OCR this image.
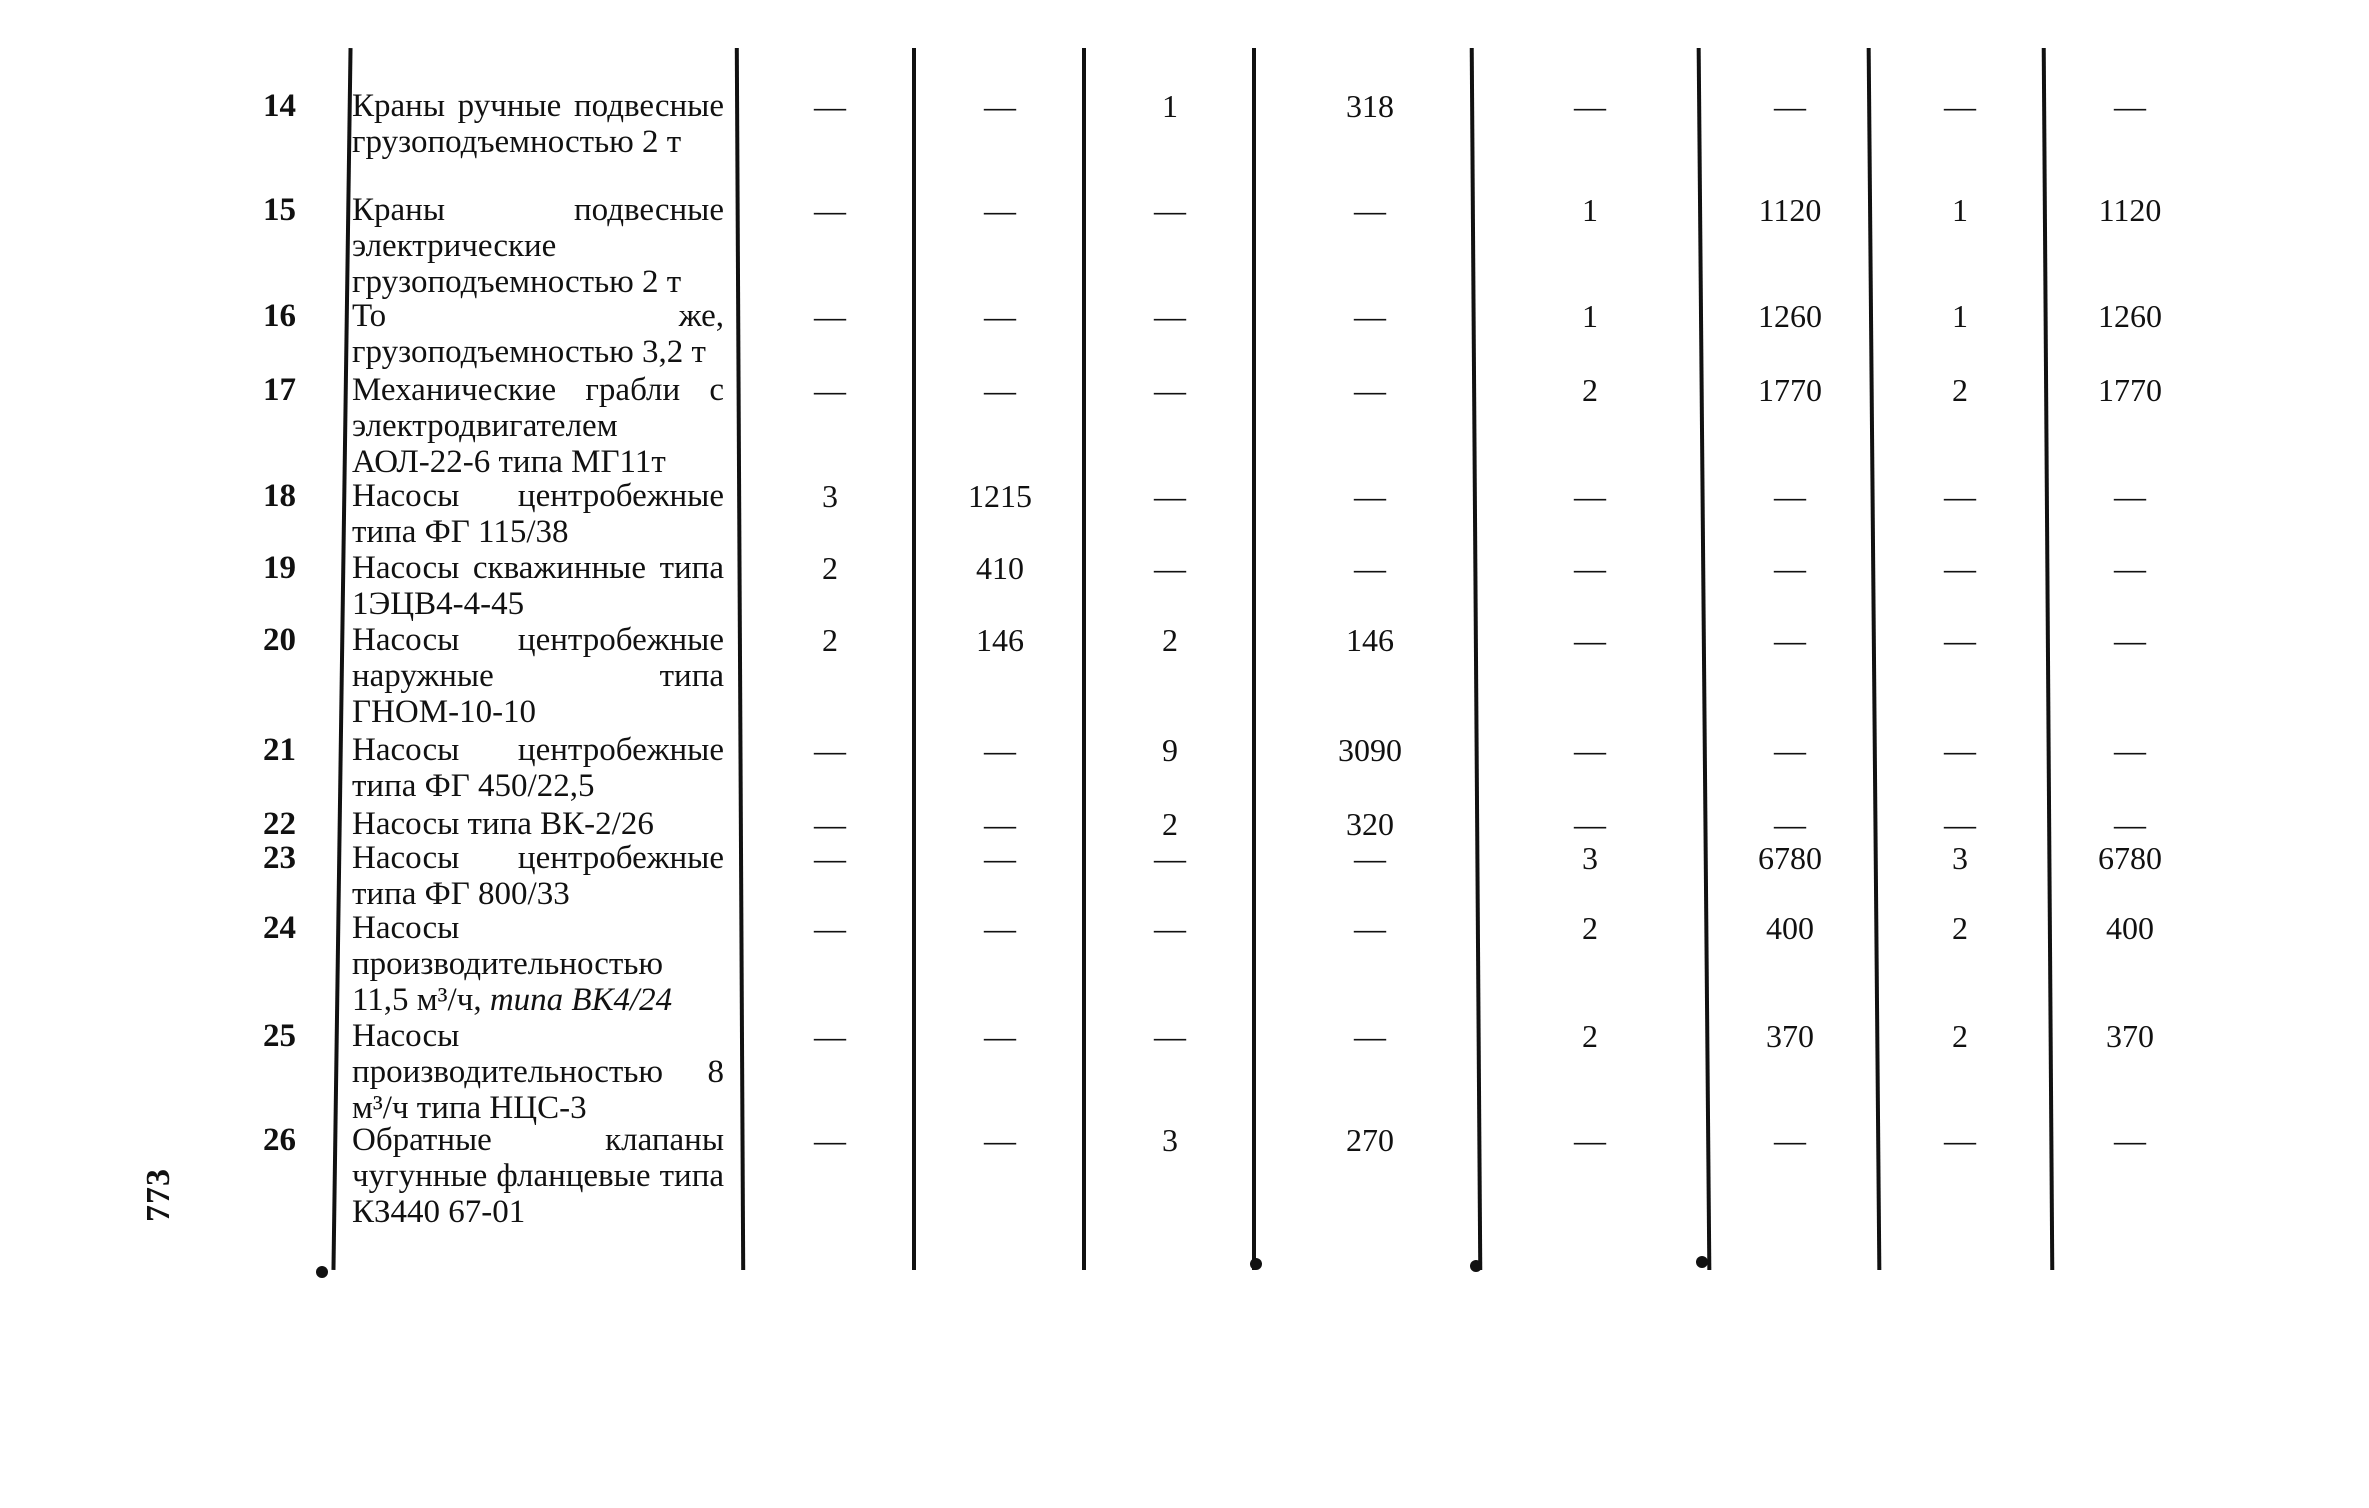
773
14 Краны ручные подвесные грузоподъемностью 2 т
—	—	1	318	—	—	—	—
15 Краны подвесные электрические грузоподъемностью 2 т
—	—	—	—	1	1120	1	1120
16 То же, грузоподъемностью 3,2 т
—	—	—	—	1	1260	1	1260
17 Механические грабли с электродвигателем АОЛ-22-6 типа МГ11т
—	—	—	—	2	1770	2	1770
18 Насосы центробежные типа ФГ 115/38
3	1215	—	—	—	—	—	—
19 Насосы скважинные типа 1ЭЦВ4-4-45
2	410	—	—	—	—	—	—
20 Насосы центробежные наружные типа ГНОМ-10-10
2	146	2	146	—	—	—	—
21 Насосы центробежные типа ФГ 450/22,5
—	—	9	3090	—	—	—	—
22 Насосы типа ВК-2/26	—	—	2	320	—	—	—	—
23 Насосы центробежные типа ФГ 800/33
—	—	—	—	3	6780	3	6780
24 Насосы производительностью 11,5 м³/ч, типа ВК4/24
—	—	—	—	2	400	2	400
25 Насосы производительностью 8 м³/ч типа НЦС-3
—	—	—	—	2	370	2	370
26 Обратные клапаны чугунные фланцевые типа КЗ440 67-01
—	—	3	270	—	—	—	—
